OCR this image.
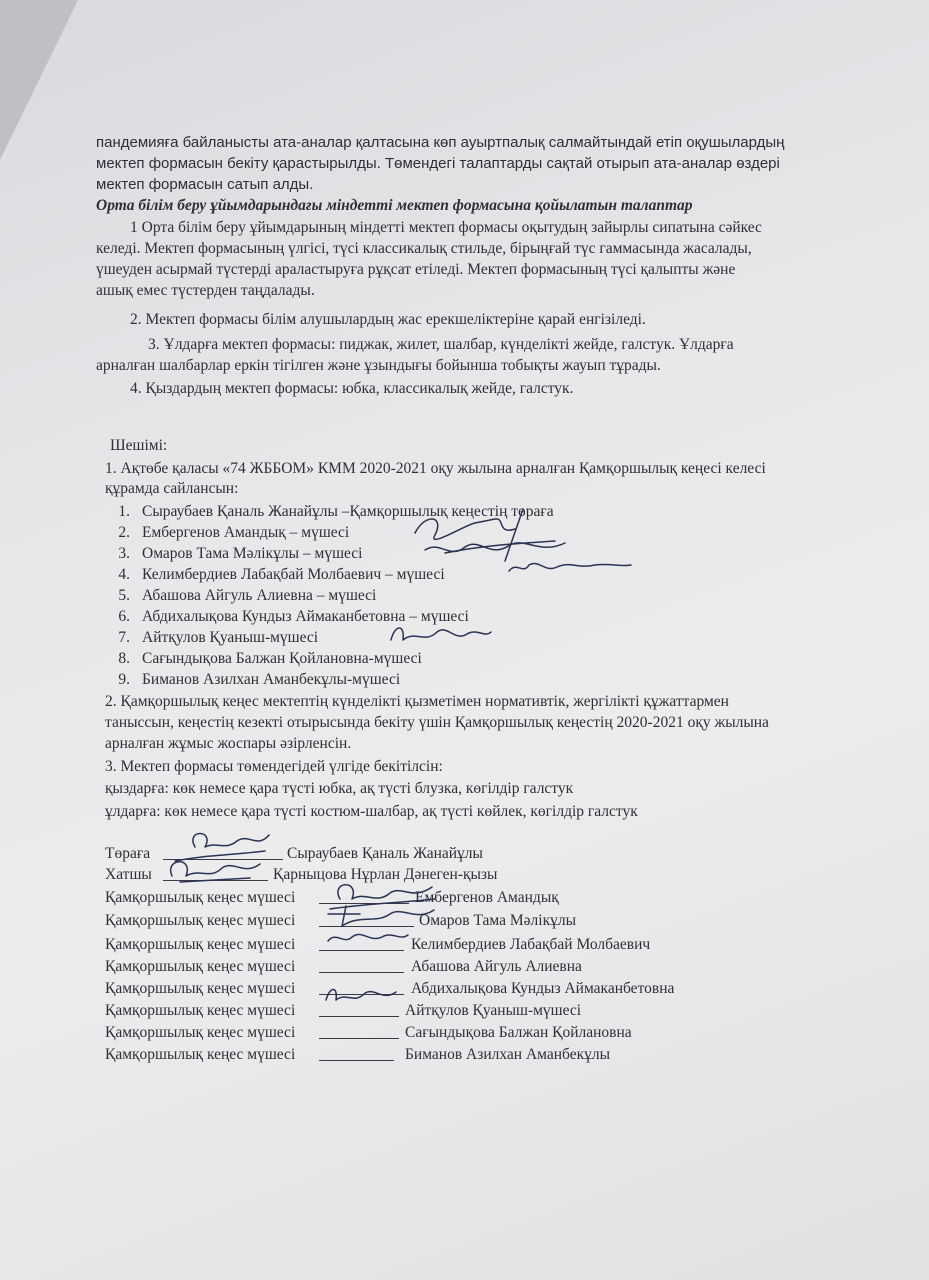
пандемияға байланысты ата-аналар қалтасына көп ауыртпалық салмайтындай етіп оқушылардың
мектеп формасын бекіту қарастырылды. Төмендегі талаптарды сақтай отырып ата-аналар өздері
мектеп формасын сатып алды.
Орта білім беру ұйымдарындағы міндетті мектеп формасына қойылатын талаптар
1 Орта білім беру ұйымдарының міндетті мектеп формасы оқытудың зайырлы сипатына сәйкес
келеді. Мектеп формасының үлгісі, түсі классикалық стильде, бірыңғай түс гаммасында жасалады,
үшеуден асырмай түстерді араластыруға рұқсат етіледі. Мектеп формасының түсі қалыпты және
ашық емес түстерден таңдалады.
2. Мектеп формасы білім алушылардың жас ерекшеліктеріне қарай енгізіледі.
3. Ұлдарға мектеп формасы: пиджак, жилет, шалбар, күнделікті жейде, галстук. Ұлдарға
арналған шалбарлар еркін тігілген және ұзындығы бойынша тобықты жауып тұрады.
4. Қыздардың мектеп формасы: юбка, классикалық жейде, галстук.
Шешімі:
1. Ақтөбе қаласы «74 ЖББОМ» КММ 2020-2021 оқу жылына арналған Қамқоршылық кеңесі келесі
құрамда сайлансын:
1. Сыраубаев Қаналь Жанайұлы –Қамқоршылық кеңестің төраға
2. Ембергенов Амандық – мүшесі
3. Омаров Тама Мәлікұлы – мүшесі
4. Келимбердиев Лабақбай Молбаевич – мүшесі
5. Абашова Айгуль Алиевна – мүшесі
6. Абдихалықова Кундыз Аймаканбетовна – мүшесі
7. Айтқулов Қуаныш-мүшесі
8. Сағындықова Балжан Қойлановна-мүшесі
9. Биманов Азилхан Аманбекұлы-мүшесі
2. Қамқоршылық кеңес мектептің күнделікті қызметімен нормативтік, жергілікті құжаттармен
таныссын, кеңестің кезекті отырысында бекіту үшін Қамқоршылық кеңестің 2020-2021 оқу жылына
арналған жұмыс жоспары әзірленсін.
3. Мектеп формасы төмендегідей үлгіде бекітілсін:
қыздарға: көк немесе қара түсті юбка, ақ түсті блузка, көгілдір галстук
ұлдарға: көк немесе қара түсті костюм-шалбар, ақ түсті көйлек, көгілдір галстук
Төраға	Сыраубаев Қаналь Жанайұлы
Хатшы	Қарныцова Нұрлан Дәнеген-қызы
Қамқоршылық кеңес мүшесі	Ембергенов Амандық
Қамқоршылық кеңес мүшесі	Омаров Тама Мәлікұлы
Қамқоршылық кеңес мүшесі	Келимбердиев Лабақбай Молбаевич
Қамқоршылық кеңес мүшесі	Абашова Айгуль Алиевна
Қамқоршылық кеңес мүшесі	Абдихалықова Кундыз Аймаканбетовна
Қамқоршылық кеңес мүшесі	Айтқулов Қуаныш-мүшесі
Қамқоршылық кеңес мүшесі	Сағындықова Балжан Қойлановна
Қамқоршылық кеңес мүшесі	Биманов Азилхан Аманбекұлы
